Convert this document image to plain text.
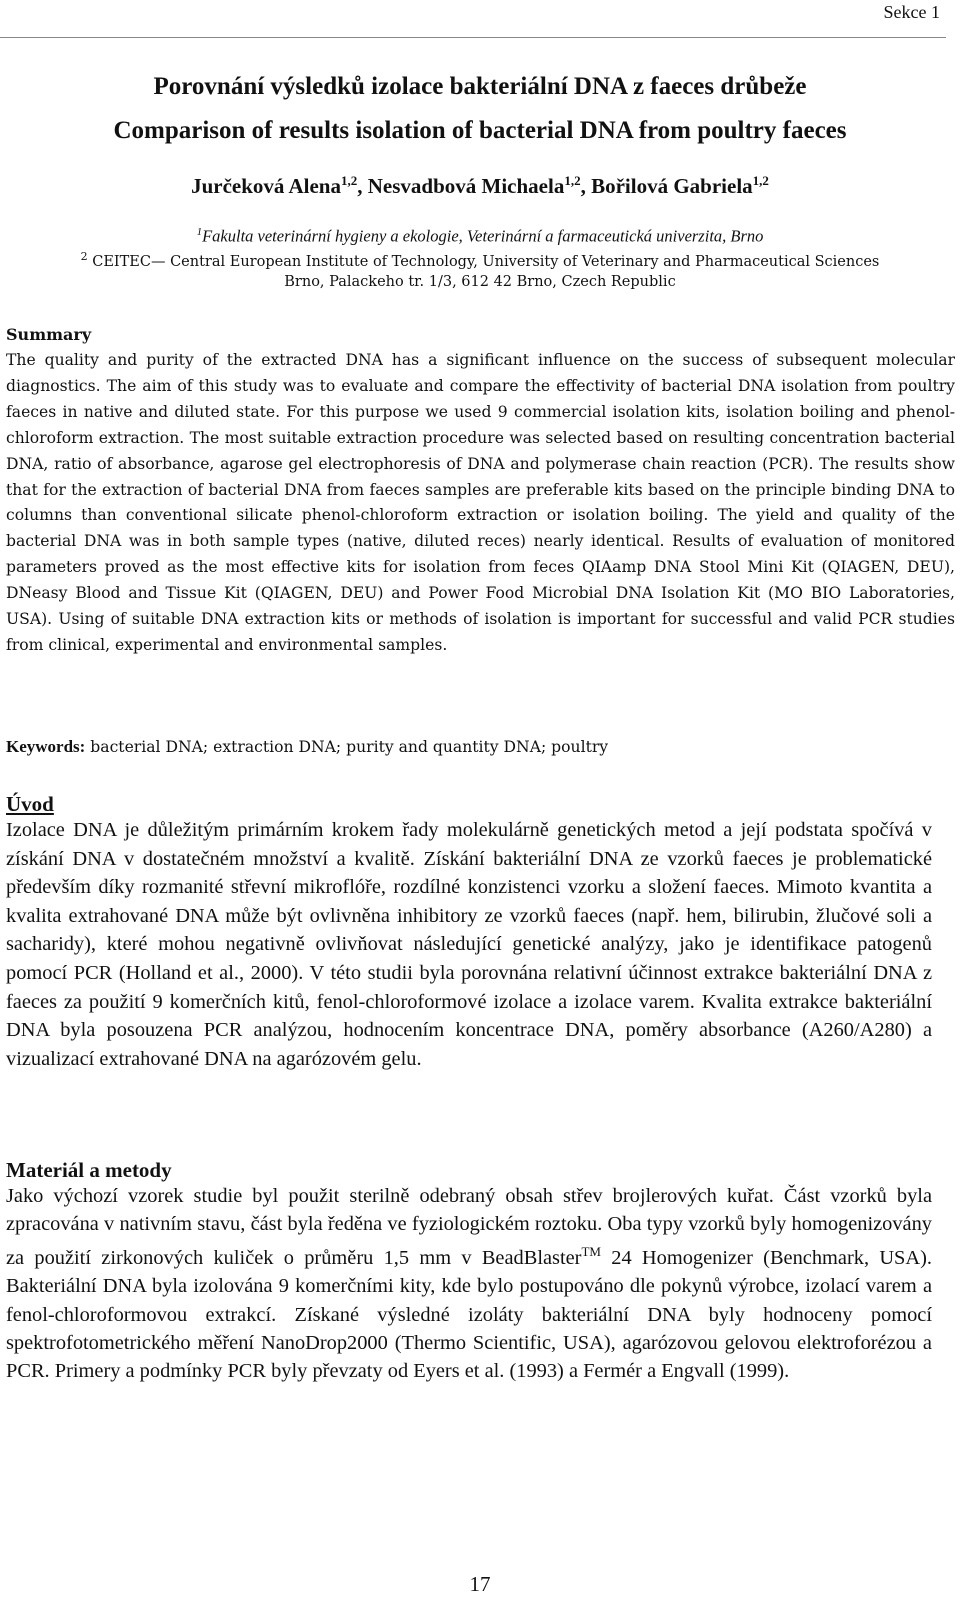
Sekce 1
Porovnání výsledků izolace bakteriální DNA z faeces drůbeže
Comparison of results isolation of bacterial DNA from poultry faeces
Jurčeková Alena$^{1,2}$, Nesvadbová Michaela$^{1,2}$, Bořilová Gabriela$^{1,2}$
$^1$Fakulta veterinární hygieny a ekologie, Veterinární a farmaceutická univerzita, Brno
$^2$ CEITEC— Central European Institute of Technology, University of Veterinary and Pharmaceutical Sciences
Brno, Palackeho tr. 1/3, 612 42 Brno, Czech Republic
Summary

The quality and purity of the extracted DNA has a significant influence on the success of subsequent molecular diagnostics. The aim of this study was to evaluate and compare the effectivity of bacterial DNA isolation from poultry faeces in native and diluted state. For this purpose we used 9 commercial isolation kits, isolation boiling and phenol-chloroform extraction. The most suitable extraction procedure was selected based on resulting concentration bacterial DNA, ratio of absorbance, agarose gel electrophoresis of DNA and polymerase chain reaction (PCR). The results show that for the extraction of bacterial DNA from faeces samples are preferable kits based on the principle binding DNA to columns than conventional silicate phenol-chloroform extraction or isolation boiling. The yield and quality of the bacterial DNA was in both sample types (native, diluted reces) nearly identical. Results of evaluation of monitored parameters proved as the most effective kits for isolation from feces QIAamp DNA Stool Mini Kit (QIAGEN, DEU), DNeasy Blood and Tissue Kit (QIAGEN, DEU) and Power Food Microbial DNA Isolation Kit (MO BIO Laboratories, USA). Using of suitable DNA extraction kits or methods of isolation is important for successful and valid PCR studies from clinical, experimental and environmental samples.

Keywords: bacterial DNA; extraction DNA; purity and quantity DNA; poultry
Úvod

Izolace DNA je důležitým primárním krokem řady molekulárně genetických metod a její podstata spočívá v získání DNA v dostatečném množství a kvalitě. Získání bakteriální DNA ze vzorků faeces je problematické především díky rozmanité střevní mikroflóře, rozdílné konzistenci vzorku a složení faeces. Mimoto kvantita a kvalita extrahované DNA může být ovlivněna inhibitory ze vzorků faeces (např. hem, bilirubin, žlučové soli a sacharidy), které mohou negativně ovlivňovat následující genetické analýzy, jako je identifikace patogenů pomocí PCR (Holland et al., 2000). V této studii byla porovnána relativní účinnost extrakce bakteriální DNA z faeces za použití 9 komerčních kitů, fenol-chloroformové izolace a izolace varem. Kvalita extrakce bakteriální DNA byla posouzena PCR analýzou, hodnocením koncentrace DNA, poměry absorbance (A260/A280) a vizualizací extrahované DNA na agarózovém gelu.

Materiál a metody

Jako výchozí vzorek studie byl použit sterilně odebraný obsah střev brojlerových kuřat. Část vzorků byla zpracována v nativním stavu, část byla ředěna ve fyziologickém roztoku. Oba typy vzorků byly homogenizovány za použití zirkonových kuliček o průměru 1,5 mm v BeadBlaster™ 24 Homogenizer (Benchmark, USA). Bakteriální DNA byla izolována 9 komerčními kity, kde bylo postupováno dle pokynů výrobce, izolací varem a fenol-chloroformovou extrakcí. Získané výsledné izoláty bakteriální DNA byly hodnoceny pomocí spektrofotometrického měření NanoDrop2000 (Thermo Scientific, USA), agarózovou gelovou elektroforézou a PCR. Primery a podmínky PCR byly převzaty od Eyers et al. (1993) a Fermér a Engvall (1999).

17
